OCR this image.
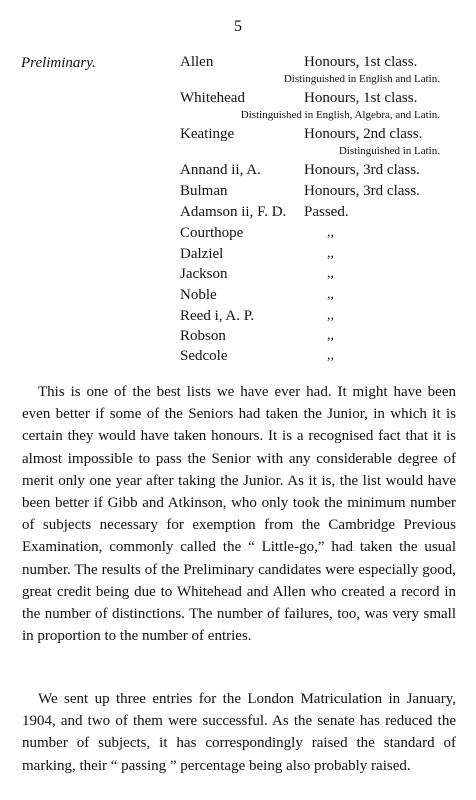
5
Preliminary.	Allen	Honours, 1st class.
Distinguished in English and Latin.
Whitehead	Honours, 1st class.
Distinguished in English, Algebra, and Latin.
Keatinge	Honours, 2nd class.
Distinguished in Latin.
Annand ii, A.	Honours, 3rd class.
Bulman	Honours, 3rd class.
Adamson ii, F. D. Passed.
Courthope	,,
Dalziel	,,
Jackson	,,
Noble	,,
Reed i, A. P.	,,
Robson	,,
Sedcole	,,

This is one of the best lists we have ever had. It might have been even better if some of the Seniors had taken the Junior, in which it is certain they would have taken honours. It is a recognised fact that it is almost impossible to pass the Senior with any considerable degree of merit only one year after taking the Junior. As it is, the list would have been better if Gibb and Atkinson, who only took the minimum number of subjects necessary for exemption from the Cambridge Previous Examination, commonly called the “ Little-go,” had taken the usual number. The results of the Preliminary candidates were especially good, great credit being due to Whitehead and Allen who created a record in the number of distinctions. The number of failures, too, was very small in proportion to the number of entries.

We sent up three entries for the London Matriculation in January, 1904, and two of them were successful. As the senate has reduced the number of subjects, it has correspondingly raised the standard of marking, their “ passing ” percentage being also probably raised.
